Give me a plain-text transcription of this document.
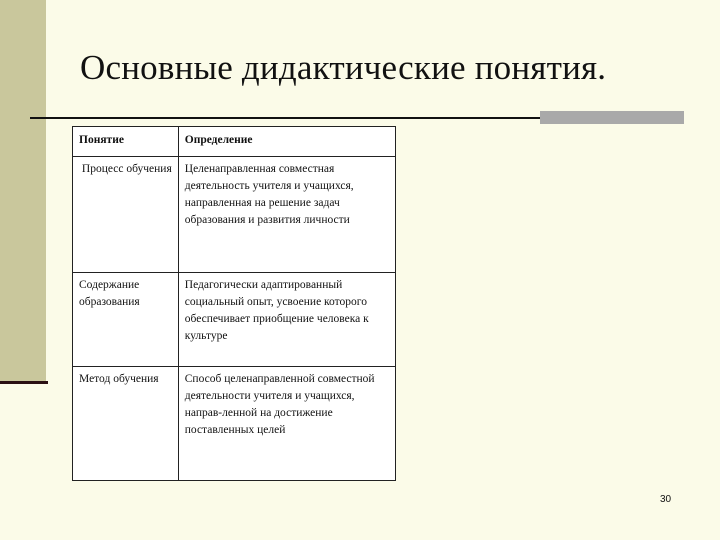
Основные дидактические понятия.
Понятие	Определение
Процесс обучения	Целенаправленная совместная деятельность учителя и учащихся, направленная на решение задач образования и развития личности
Содержание образования	Педагогически адаптированный социальный опыт, усвоение которого обеспечивает приобщение человека к культуре
Метод обучения	Способ целенаправленной совместной деятельности учителя и учащихся, направ-ленной на достижение поставленных целей
30
